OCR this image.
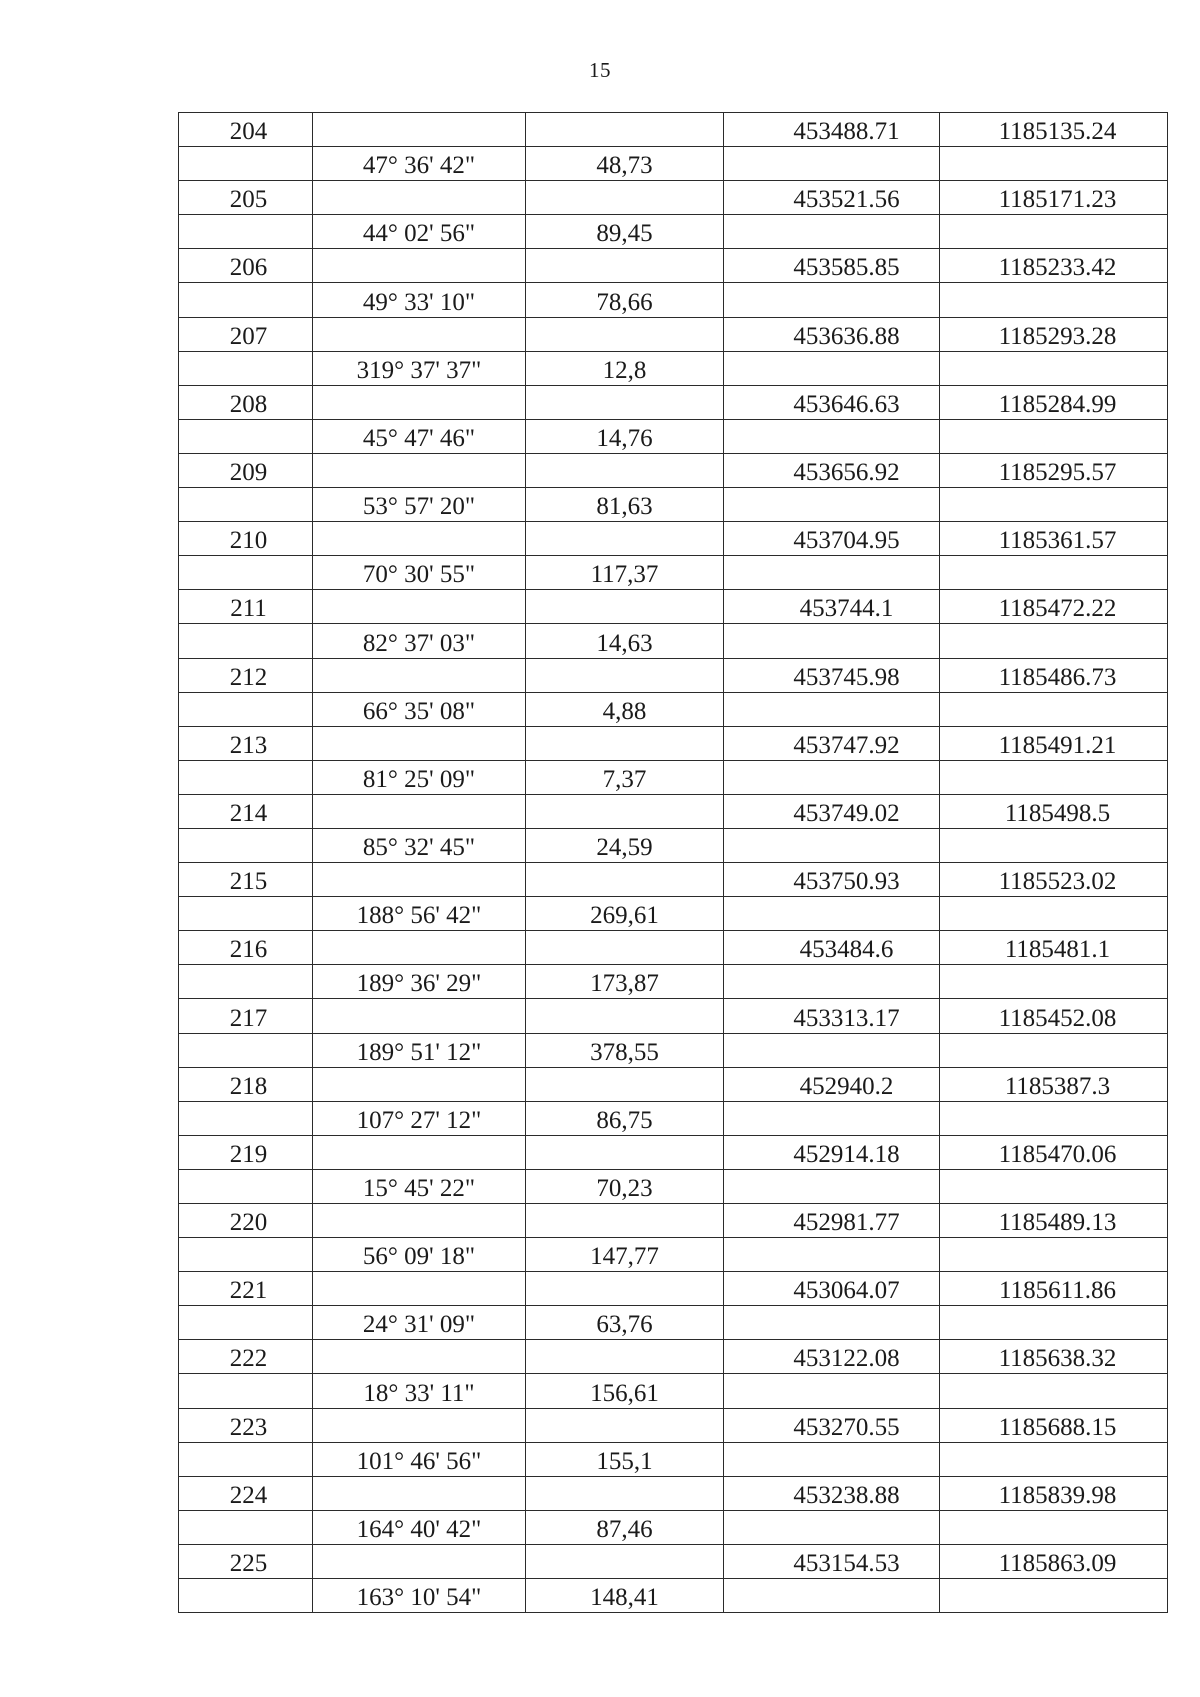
15
204			453488.71	1185135.24
	47° 36' 42"	48,73		
205			453521.56	1185171.23
	44° 02' 56"	89,45		
206			453585.85	1185233.42
	49° 33' 10"	78,66		
207			453636.88	1185293.28
	319° 37' 37"	12,8		
208			453646.63	1185284.99
	45° 47' 46"	14,76		
209			453656.92	1185295.57
	53° 57' 20"	81,63		
210			453704.95	1185361.57
	70° 30' 55"	117,37		
211			453744.1	1185472.22
	82° 37' 03"	14,63		
212			453745.98	1185486.73
	66° 35' 08"	4,88		
213			453747.92	1185491.21
	81° 25' 09"	7,37		
214			453749.02	1185498.5
	85° 32' 45"	24,59		
215			453750.93	1185523.02
	188° 56' 42"	269,61		
216			453484.6	1185481.1
	189° 36' 29"	173,87		
217			453313.17	1185452.08
	189° 51' 12"	378,55		
218			452940.2	1185387.3
	107° 27' 12"	86,75		
219			452914.18	1185470.06
	15° 45' 22"	70,23		
220			452981.77	1185489.13
	56° 09' 18"	147,77		
221			453064.07	1185611.86
	24° 31' 09"	63,76		
222			453122.08	1185638.32
	18° 33' 11"	156,61		
223			453270.55	1185688.15
	101° 46' 56"	155,1		
224			453238.88	1185839.98
	164° 40' 42"	87,46		
225			453154.53	1185863.09
	163° 10' 54"	148,41		
